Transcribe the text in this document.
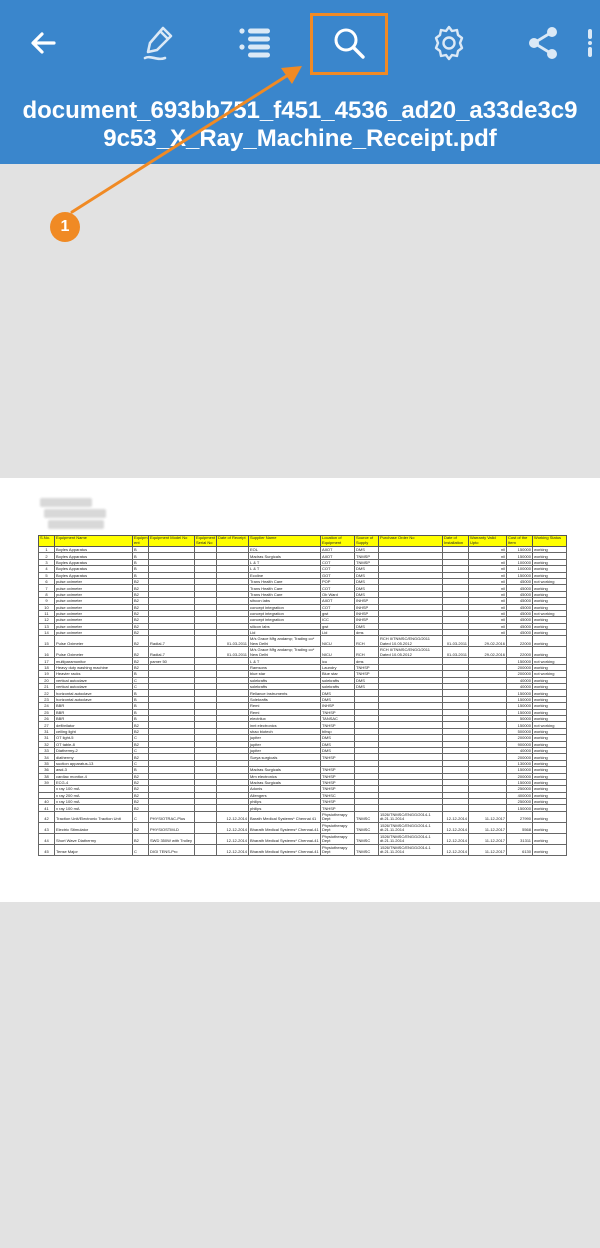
document_693bb751_f451_4536_ad20_a33de3c99c53_X_Ray_Machine_Receipt.pdf
S.No.	Equipment Name	Equipm ent	Equipment Model No	Equipment Serial No	Date of Receipt	Supplier Name	Location of Equipment	Source of Supply	Purchase Order No	Date of Installation	Warranty Valid Upto	Cost of the Item	Working Status
1	Boyles Apparatus	B				EOL	AIIOT	DMS			nil	150000	working
2	Boyles Apparatus	B				Madras Surgicals	AIIOT	TNMSP			nil	150000	working
3	Boyles Apparatus	B				L & T	COT	TNMSP			nil	100000	working
4	Boyles Apparatus	B				L & T	COT	DMS			nil	100000	working
5	Boyles Apparatus	B				Ecoline	GOT	DMS			nil	150000	working
6	pulse oximeter	B2				Trans Health Care	POP	DMS			nil	45000	not working
7	pulse oximeter	B2				Trans Health Care	COT	DMS			nil	45000	working
8	pulse oximeter	B2				Trans Health Care	Ob Ward	DMS			nil	45000	working
9	pulse oximeter	B2				sihcon labs	AIIOT	INHSP			nil	45000	working
10	pulse oximeter	B2				concept integration	COT	INHSP			nil	45000	working
11	pulse oximeter	B2				concept integration	gwt	INHSP			nil	45000	not working
12	pulse oximeter	B2				concept integration	ICC	INHSP			nil	45000	working
13	pulse oximeter	B2				silicon labs	gwt	DMS			nil	45000	working
14	pulse oximeter	B2				Lid	Lid	dms			nil	45000	working
15	Pulse Oximeter	B2	Radial-7		01-03-2011	M/s Grace Mfg andamp; Trading co* New Delhi	NICU	RCH	RCH II/TNMSC/ENGG/2011 Dated 10.05.2012	01-03-2011	29-02-2016	22000	working
16	Pulse Oximeter	B2	Radial-7		01-03-2011	M/s Grace Mfg andamp; Trading co* New Delhi	NICU	RCH	RCH II/TNMSC/ENGG/2011 Dated 10.05.2012	01-03-2011	29-02-2016	22000	working
17	multiparamonitor	B2	pamer 50			L & T	icu	dms				150000	not working
18	Heavy duty washing machine	B2				Ramsons	Laundry	TNHSP				200000	working
19	Heavier racks	B				blue star	Blue star	TNHSP				200000	not working
20	vertical autoclave	C				solekrafts	solekrafts	DMS				40000	working
21	vertical autoclave	C				solekrafts	solekrafts	DMS				40000	working
22	horizontal autoclave	B				Reliance instruments	DMS					150000	working
23	horizontal autoclave	B				Solekrafts	DMS					150000	working
24	BBR	B				Remi	INHSP					150000	working
25	BBR	B				Remi	TNHSP					150000	working
26	BBR	B				electrilux	TANSAC					50000	working
27	defibrilator	B2				innt electronics	TNHSP					150000	not working
31	ceiling light	B2				shao biotech	bihsp					500000	working
31	OT light-5	C				jupiter	DMS					200000	working
32	OT table-8	B2				jupiter	DMS					900000	working
33	Diathermy-2	C				jupiter	DMS					40000	working
34	diathermy	B2				Surya surgicals	TNHSP					200000	working
35	suction apparatus-13	C										130000	working
36	awd-3	B				Madras Surgicals	TNHSP					150000	working
38	cardiac monitor-4	B2				Mm electronics	TNHSP					200000	working
39	ECG-4	B2				Madras Surgicals	TNHSP					150000	working
	x ray 100 mA	B2				Adonis	TNHSP					250000	working
	x ray 200 mA	B2				Allengers	TNHSC					400000	working
40	x ray 100 mA	B2				philips	TNHSP					250000	working
41	x ray 100 mA	B2				philips	TNHSP					150000	working
42	Traction Unit/Electronic Traction Unit	C	PHYSIOTRAC-Plus		12-12-2014	Barath Medical Systems* Chennai 41	Physiotherapy Dept	TNMSC	1526/TNMSC/ENGG/2014-1 dt.21.11.2014	12-12-2014	11-12-2017	27990	working
43	Electric Stimulator	B2	PHYSIOSTIM-D		12-12-2014	Bharath Medical Systems* Chennai-41	Physiotherapy Dept	TNMSC	1526/TNMSC/ENGG/2014-1 dt.21.11.2014	12-12-2014	11-12-2017	5568	working
44	Short Wave Diathermy	B2	SWD 350W with Trolley		12-12-2014	Bharath Medical Systems* Chennai-41	Physiotherapy Dept	TNMSC	1526/TNMSC/ENGG/2014-1 dt.21.11.2014	12-12-2014	11-12-2017	31311	working
45	Tense Major	C	DIGI TENS-Pro		12-12-2014	Bharath Medical Systems* Chennai-41	Physiotherapy Dept	TNMSC	1526/TNMSC/ENGG/2014-1 dt.21.11.2014	12-12-2014	11-12-2017	6130	working
1
